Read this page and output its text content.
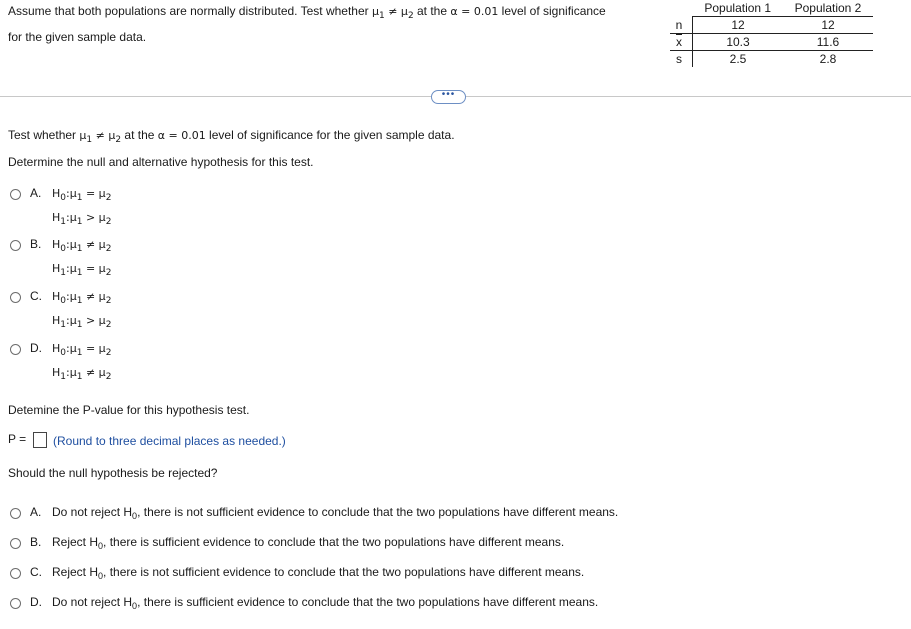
Assume that both populations are normally distributed. Test whether $\mu_1 \ne \mu_2$ at the α = 0.01 level of significance
for the given sample data.
	Population 1	Population 2
n	12	12
$\overline{x}$	10.3	11.6
s	2.5	2.8
•••
Test whether $\mu_1 \ne \mu_2$ at the α = 0.01 level of significance for the given sample data.
Determine the null and alternative hypothesis for this test.
A. $H_0:\mu_1 = \mu_2$
$H_1:\mu_1 > \mu_2$
B. $H_0:\mu_1 \ne \mu_2$
$H_1:\mu_1 = \mu_2$
C. $H_0:\mu_1 \ne \mu_2$
$H_1:\mu_1 > \mu_2$
D. $H_0:\mu_1 = \mu_2$
$H_1:\mu_1 \ne \mu_2$
Detemine the P-value for this hypothesis test.
P = (Round to three decimal places as needed.)
Should the null hypothesis be rejected?
A. Do not reject $H_0$, there is not sufficient evidence to conclude that the two populations have different means.
B. Reject $H_0$, there is sufficient evidence to conclude that the two populations have different means.
C. Reject $H_0$, there is not sufficient evidence to conclude that the two populations have different means.
D. Do not reject $H_0$, there is sufficient evidence to conclude that the two populations have different means.
